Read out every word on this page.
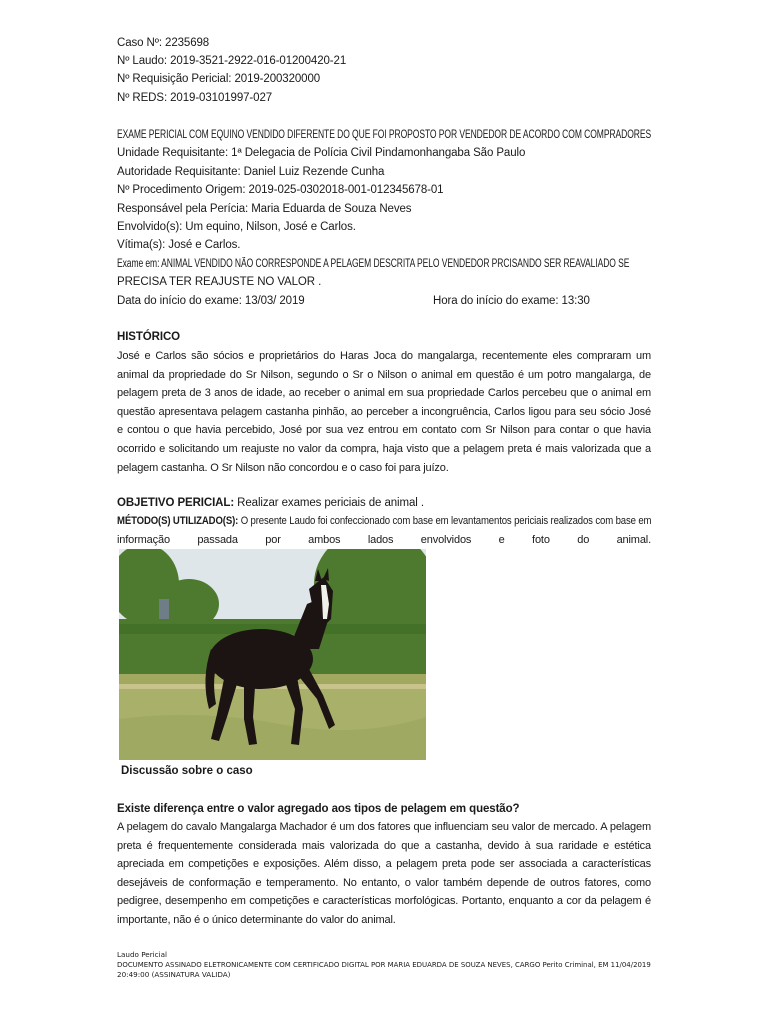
Caso Nº: 2235698
Nº Laudo: 2019-3521-2922-016-01200420-21
Nº Requisição Pericial: 2019-200320000
Nº REDS: 2019-03101997-027
EXAME PERICIAL COM EQUINO VENDIDO DIFERENTE DO QUE FOI PROPOSTO POR VENDEDOR DE ACORDO COM COMPRADORES
Unidade Requisitante: 1ª Delegacia de Polícia Civil Pindamonhangaba São Paulo
Autoridade Requisitante: Daniel Luiz Rezende Cunha
Nº Procedimento Origem: 2019-025-0302018-001-012345678-01
Responsável pela Perícia: Maria Eduarda de Souza Neves
Envolvido(s): Um equino, Nilson, José e Carlos.
Vítima(s): José e Carlos.
Exame em: ANIMAL VENDIDO NÃO CORRESPONDE A PELAGEM DESCRITA PELO VENDEDOR PRCISANDO SER REAVALIADO SE
PRECISA TER REAJUSTE NO VALOR .
Data do início do exame: 13/03/ 2019	Hora do início do exame: 13:30
HISTÓRICO
José e Carlos são sócios e proprietários do Haras Joca do mangalarga, recentemente eles compraram um animal da propriedade do Sr Nilson, segundo o Sr o Nilson o animal em questão é um potro mangalarga, de pelagem preta de 3 anos de idade, ao receber o animal em sua propriedade Carlos percebeu que o animal em questão apresentava pelagem castanha pinhão, ao perceber a incongruência, Carlos ligou para seu sócio José e contou o que havia percebido, José por sua vez entrou em contato com Sr Nilson para contar o que havia ocorrido e solicitando um reajuste no valor da compra, haja visto que a pelagem preta é mais valorizada que a pelagem castanha. O Sr Nilson não concordou e o caso foi para juízo.
OBJETIVO PERICIAL: Realizar exames periciais de animal .
MÉTODO(S) UTILIZADO(S): O presente Laudo foi confeccionado com base em levantamentos periciais realizados com base em
informação passada por ambos lados envolvidos e foto do animal.
Discussão sobre o caso
Existe diferença entre o valor agregado aos tipos de pelagem em questão?
A pelagem do cavalo Mangalarga Machador é um dos fatores que influenciam seu valor de mercado. A pelagem preta é frequentemente considerada mais valorizada do que a castanha, devido à sua raridade e estética apreciada em competições e exposições. Além disso, a pelagem preta pode ser associada a características desejáveis de conformação e temperamento. No entanto, o valor também depende de outros fatores, como pedigree, desempenho em competições e características morfológicas. Portanto, enquanto a cor da pelagem é importante, não é o único determinante do valor do animal.
Laudo Pericial
DOCUMENTO ASSINADO ELETRONICAMENTE COM CERTIFICADO DIGITAL POR MARIA EDUARDA DE SOUZA NEVES, CARGO Perito Criminal, EM 11/04/2019
20:49:00 (ASSINATURA VALIDA)
